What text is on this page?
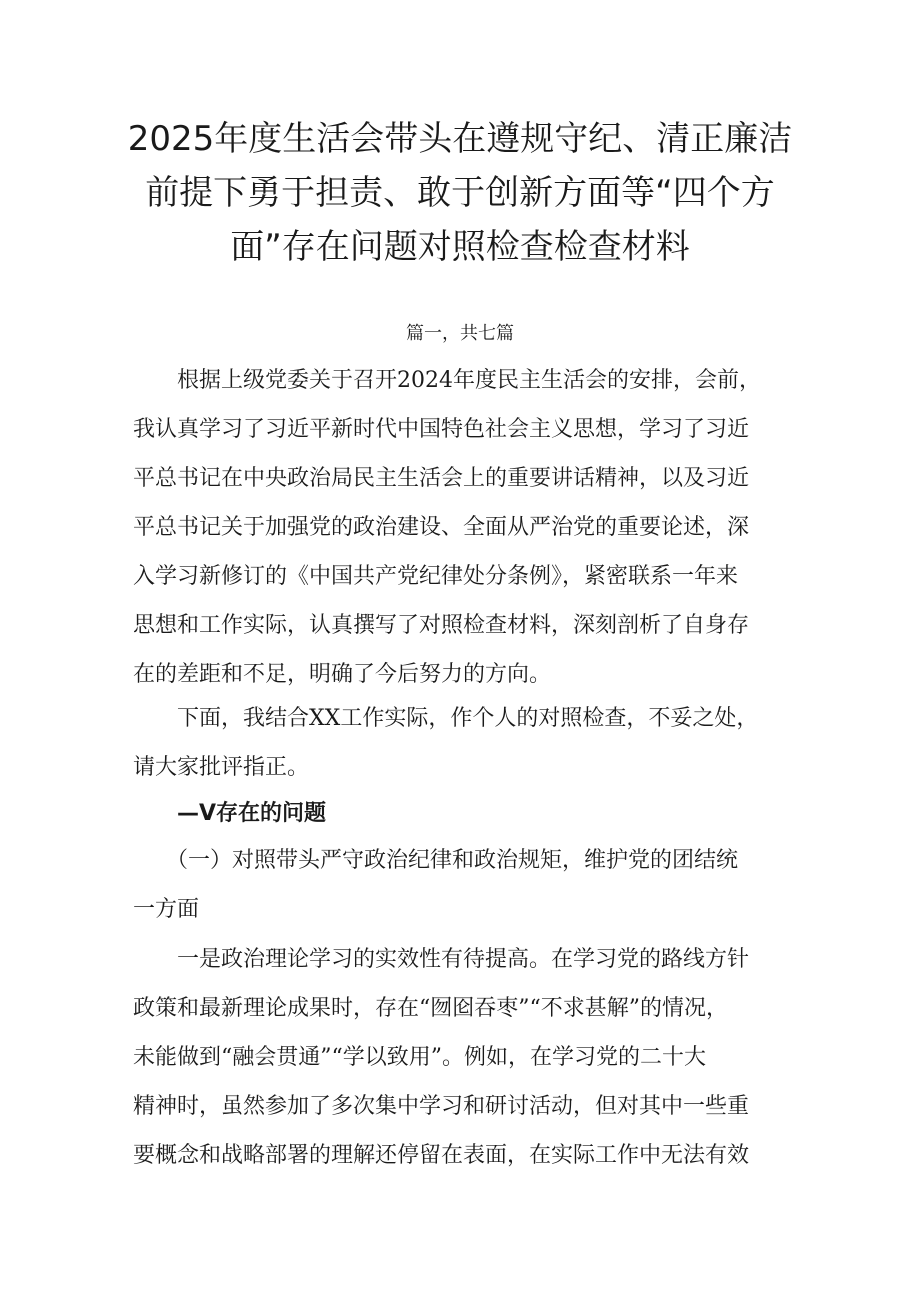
2025年度生活会带头在遵规守纪、清正廉洁
前提下勇于担责、敢于创新方面等“四个方
面”存在问题对照检查检查材料
篇一，共七篇

　　根据上级党委关于召开2024年度民主生活会的安排，会前，
我认真学习了习近平新时代中国特色社会主义思想，学习了习近
平总书记在中央政治局民主生活会上的重要讲话精神，以及习近
平总书记关于加强党的政治建设、全面从严治党的重要论述，深
入学习新修订的《中国共产党纪律处分条例》，紧密联系一年来
思想和工作实际，认真撰写了对照检查材料，深刻剖析了自身存
在的差距和不足，明确了今后努力的方向。

　　下面，我结合XX工作实际，作个人的对照检查，不妥之处，
请大家批评指正。

—V存在的问题

　　（一）对照带头严守政治纪律和政治规矩，维护党的团结统
一方面

　　一是政治理论学习的实效性有待提高。在学习党的路线方针
政策和最新理论成果时，存在“囫囵吞枣”“不求甚解”的情况，
未能做到“融会贯通”“学以致用”。例如，在学习党的二十大
精神时，虽然参加了多次集中学习和研讨活动，但对其中一些重
要概念和战略部署的理解还停留在表面，在实际工作中无法有效
